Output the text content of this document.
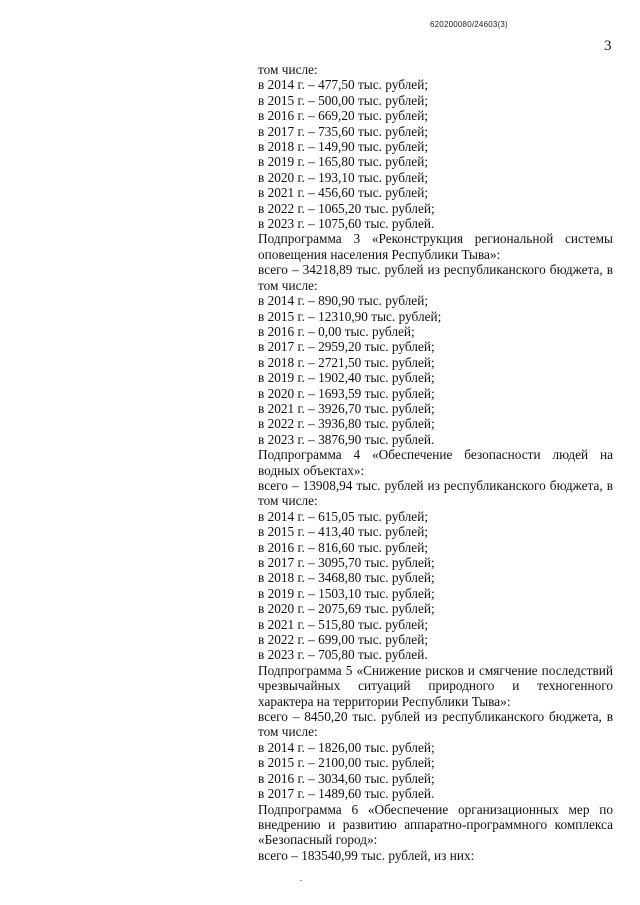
620200080/24603(3)
3
том числе:
в 2014 г. – 477,50 тыс. рублей;
в 2015 г. – 500,00 тыс. рублей;
в 2016 г. – 669,20 тыс. рублей;
в 2017 г. – 735,60 тыс. рублей;
в 2018 г. – 149,90 тыс. рублей;
в 2019 г. – 165,80 тыс. рублей;
в 2020 г. – 193,10 тыс. рублей;
в 2021 г. – 456,60 тыс. рублей;
в 2022 г. – 1065,20 тыс. рублей;
в 2023 г. – 1075,60 тыс. рублей.
Подпрограмма 3 «Реконструкция региональной системы оповещения населения Республики Тыва»:
всего – 34218,89 тыс. рублей из республиканского бюджета, в том числе:
в 2014 г. – 890,90 тыс. рублей;
в 2015 г. – 12310,90 тыс. рублей;
в 2016 г. – 0,00 тыс. рублей;
в 2017 г. – 2959,20 тыс. рублей;
в 2018 г. – 2721,50 тыс. рублей;
в 2019 г. – 1902,40 тыс. рублей;
в 2020 г. – 1693,59 тыс. рублей;
в 2021 г. – 3926,70 тыс. рублей;
в 2022 г. – 3936,80 тыс. рублей;
в 2023 г. – 3876,90 тыс. рублей.
Подпрограмма 4 «Обеспечение безопасности людей на водных объектах»:
всего – 13908,94 тыс. рублей из республиканского бюджета, в том числе:
в 2014 г. – 615,05 тыс. рублей;
в 2015 г. – 413,40 тыс. рублей;
в 2016 г. – 816,60 тыс. рублей;
в 2017 г. – 3095,70 тыс. рублей;
в 2018 г. – 3468,80 тыс. рублей;
в 2019 г. – 1503,10 тыс. рублей;
в 2020 г. – 2075,69 тыс. рублей;
в 2021 г. – 515,80 тыс. рублей;
в 2022 г. – 699,00 тыс. рублей;
в 2023 г. – 705,80 тыс. рублей.
Подпрограмма 5 «Снижение рисков и смягчение последствий чрезвычайных ситуаций природного и техногенного характера на территории Республики Тыва»:
всего – 8450,20 тыс. рублей из республиканского бюджета, в том числе:
в 2014 г. – 1826,00 тыс. рублей;
в 2015 г. – 2100,00 тыс. рублей;
в 2016 г. – 3034,60 тыс. рублей;
в 2017 г. – 1489,60 тыс. рублей.
Подпрограмма 6 «Обеспечение организационных мер по внедрению и развитию аппаратно-программного комплекса «Безопасный город»:
всего – 183540,99 тыс. рублей, из них:
